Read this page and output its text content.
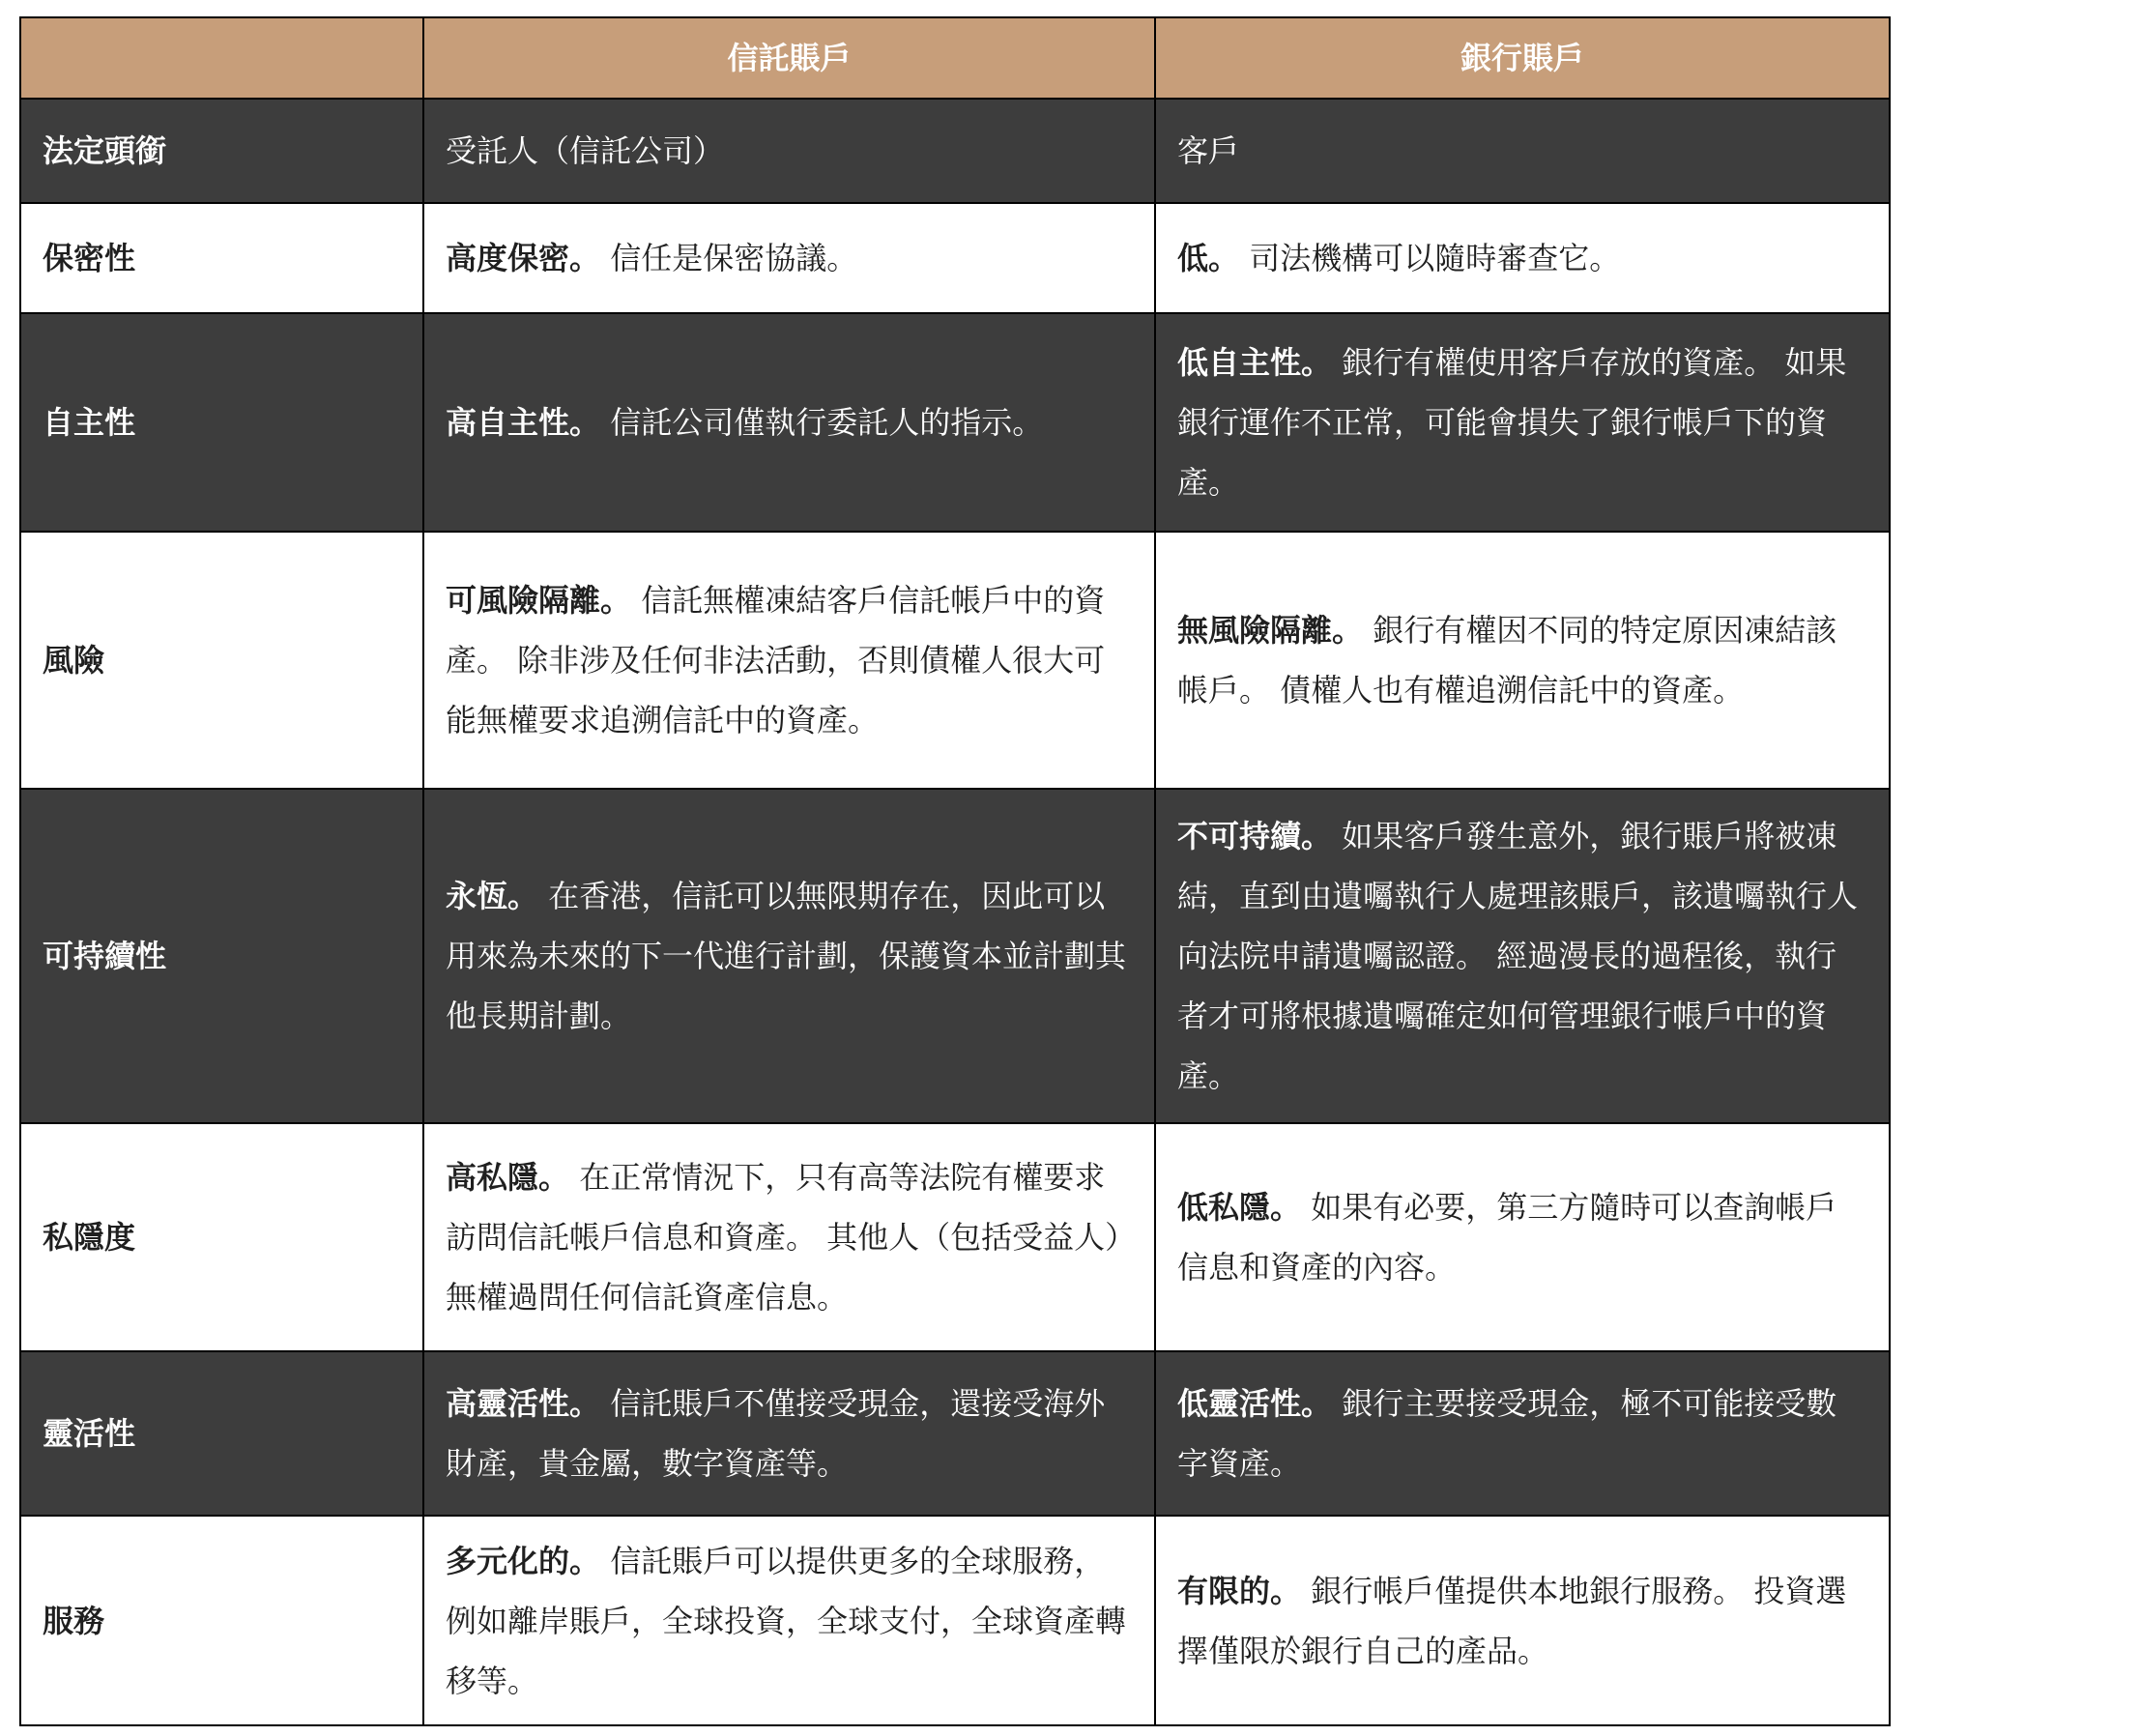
	信託賬戶	銀行賬戶
法定頭銜	受託人（信託公司）	客戶
保密性	高度保密。 信任是保密協議。	低。 司法機構可以隨時審查它。
自主性	高自主性。 信託公司僅執行委託人的指示。	低自主性。 銀行有權使用客戶存放的資產。 如果銀行運作不正常，可能會損失了銀行帳戶下的資產。
風險	可風險隔離。 信託無權凍結客戶信託帳戶中的資產。 除非涉及任何非法活動，否則債權人很大可能無權要求追溯信託中的資產。	無風險隔離。 銀行有權因不同的特定原因凍結該帳戶。 債權人也有權追溯信託中的資產。
可持續性	永恆。 在香港，信託可以無限期存在，因此可以用來為未來的下一代進行計劃，保護資本並計劃其他長期計劃。	不可持續。 如果客戶發生意外，銀行賬戶將被凍結，直到由遺囑執行人處理該賬戶，該遺囑執行人向法院申請遺囑認證。 經過漫長的過程後，執行者才可將根據遺囑確定如何管理銀行帳戶中的資產。
私隱度	高私隱。 在正常情況下，只有高等法院有權要求訪問信託帳戶信息和資產。 其他人（包括受益人）無權過問任何信託資產信息。	低私隱。 如果有必要，第三方隨時可以查詢帳戶信息和資產的內容。
靈活性	高靈活性。 信託賬戶不僅接受現金，還接受海外財產，貴金屬，數字資產等。	低靈活性。 銀行主要接受現金，極不可能接受數字資產。
服務	多元化的。 信託賬戶可以提供更多的全球服務，例如離岸賬戶，全球投資，全球支付，全球資產轉移等。	有限的。 銀行帳戶僅提供本地銀行服務。 投資選擇僅限於銀行自己的產品。
